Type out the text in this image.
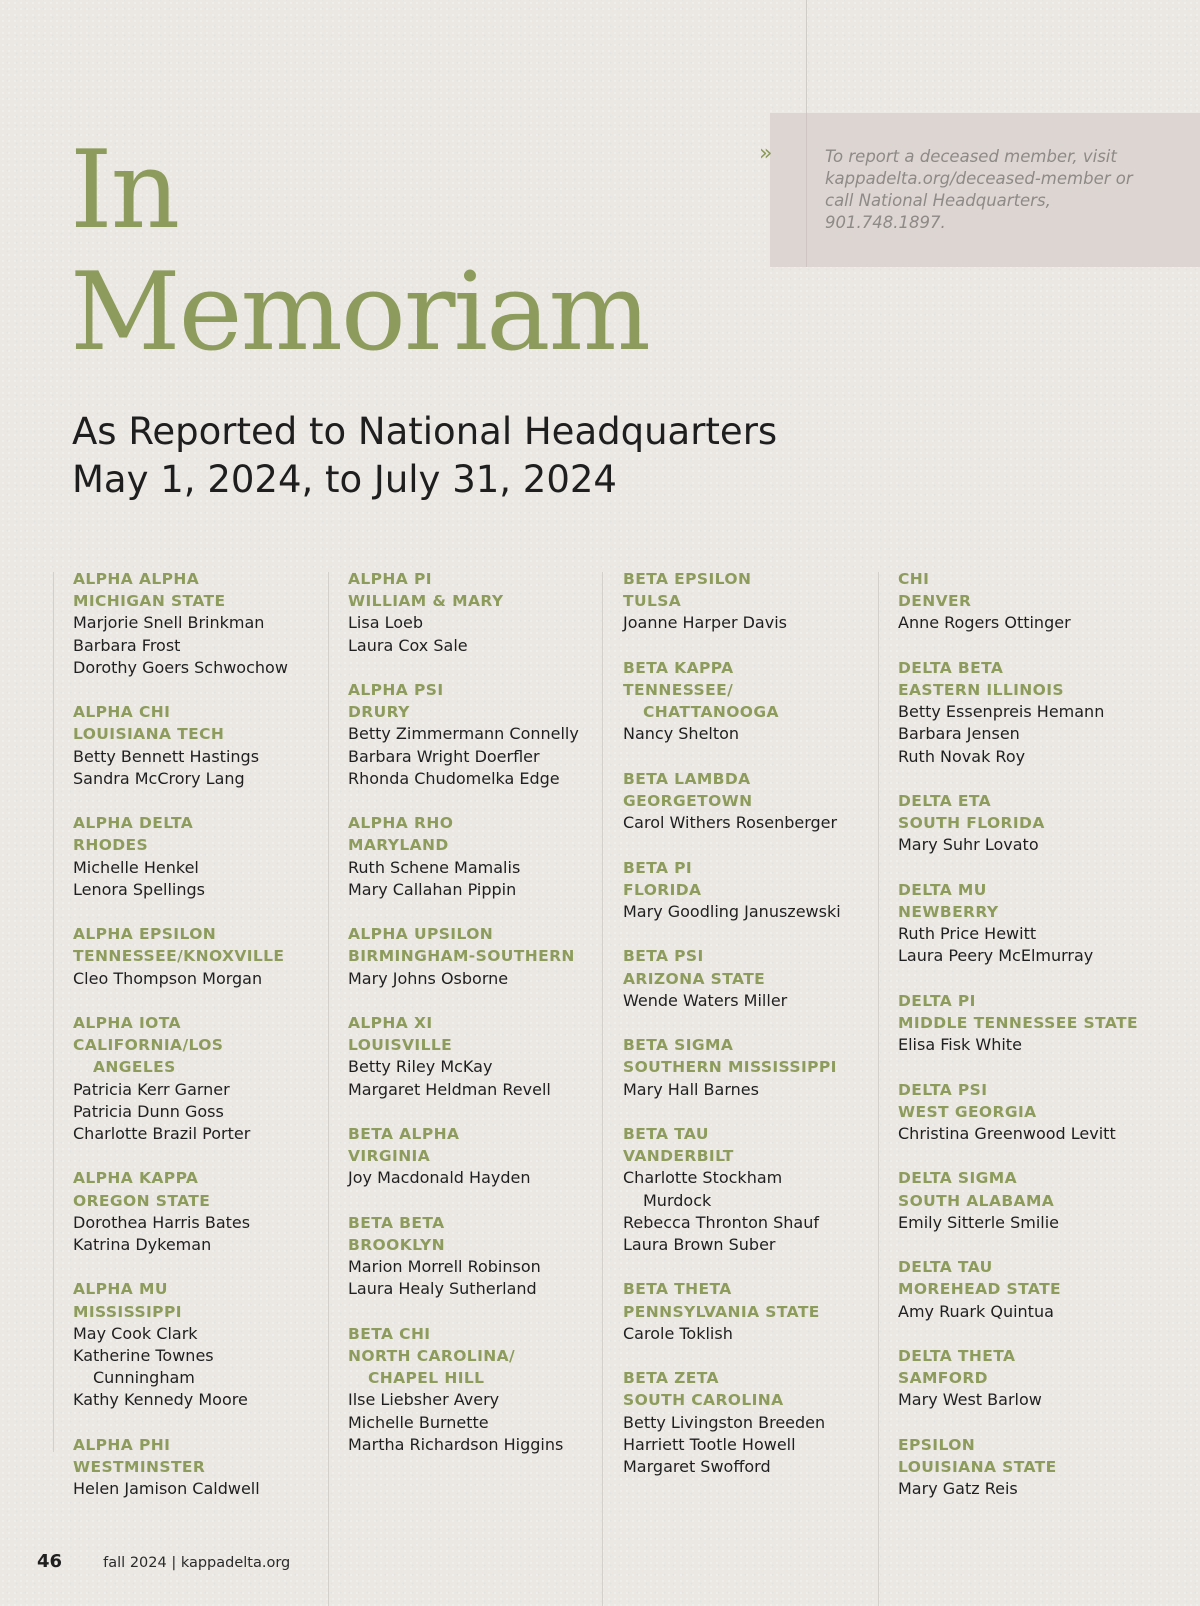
»	To report a deceased member, visit kappadelta.org/deceased-member or call National Headquarters, 901.748.1897.
In
Memoriam
As Reported to National Headquarters
May 1, 2024, to July 31, 2024
ALPHA ALPHA
MICHIGAN STATE
Marjorie Snell Brinkman
Barbara Frost
Dorothy Goers Schwochow
ALPHA CHI
LOUISIANA TECH
Betty Bennett Hastings
Sandra McCrory Lang
ALPHA DELTA
RHODES
Michelle Henkel
Lenora Spellings
ALPHA EPSILON
TENNESSEE/KNOXVILLE
Cleo Thompson Morgan
ALPHA IOTA
CALIFORNIA/LOS
ANGELES
Patricia Kerr Garner
Patricia Dunn Goss
Charlotte Brazil Porter
ALPHA KAPPA
OREGON STATE
Dorothea Harris Bates
Katrina Dykeman
ALPHA MU
MISSISSIPPI
May Cook Clark
Katherine Townes
Cunningham
Kathy Kennedy Moore
ALPHA PHI
WESTMINSTER
Helen Jamison Caldwell
ALPHA PI
WILLIAM & MARY
Lisa Loeb
Laura Cox Sale
ALPHA PSI
DRURY
Betty Zimmermann Connelly
Barbara Wright Doerfler
Rhonda Chudomelka Edge
ALPHA RHO
MARYLAND
Ruth Schene Mamalis
Mary Callahan Pippin
ALPHA UPSILON
BIRMINGHAM-SOUTHERN
Mary Johns Osborne
ALPHA XI
LOUISVILLE
Betty Riley McKay
Margaret Heldman Revell
BETA ALPHA
VIRGINIA
Joy Macdonald Hayden
BETA BETA
BROOKLYN
Marion Morrell Robinson
Laura Healy Sutherland
BETA CHI
NORTH CAROLINA/
CHAPEL HILL
Ilse Liebsher Avery
Michelle Burnette
Martha Richardson Higgins
BETA EPSILON
TULSA
Joanne Harper Davis
BETA KAPPA
TENNESSEE/
CHATTANOOGA
Nancy Shelton
BETA LAMBDA
GEORGETOWN
Carol Withers Rosenberger
BETA PI
FLORIDA
Mary Goodling Januszewski
BETA PSI
ARIZONA STATE
Wende Waters Miller
BETA SIGMA
SOUTHERN MISSISSIPPI
Mary Hall Barnes
BETA TAU
VANDERBILT
Charlotte Stockham
Murdock
Rebecca Thronton Shauf
Laura Brown Suber
BETA THETA
PENNSYLVANIA STATE
Carole Toklish
BETA ZETA
SOUTH CAROLINA
Betty Livingston Breeden
Harriett Tootle Howell
Margaret Swofford
CHI
DENVER
Anne Rogers Ottinger
DELTA BETA
EASTERN ILLINOIS
Betty Essenpreis Hemann
Barbara Jensen
Ruth Novak Roy
DELTA ETA
SOUTH FLORIDA
Mary Suhr Lovato
DELTA MU
NEWBERRY
Ruth Price Hewitt
Laura Peery McElmurray
DELTA PI
MIDDLE TENNESSEE STATE
Elisa Fisk White
DELTA PSI
WEST GEORGIA
Christina Greenwood Levitt
DELTA SIGMA
SOUTH ALABAMA
Emily Sitterle Smilie
DELTA TAU
MOREHEAD STATE
Amy Ruark Quintua
DELTA THETA
SAMFORD
Mary West Barlow
EPSILON
LOUISIANA STATE
Mary Gatz Reis
46	fall 2024 | kappadelta.org
